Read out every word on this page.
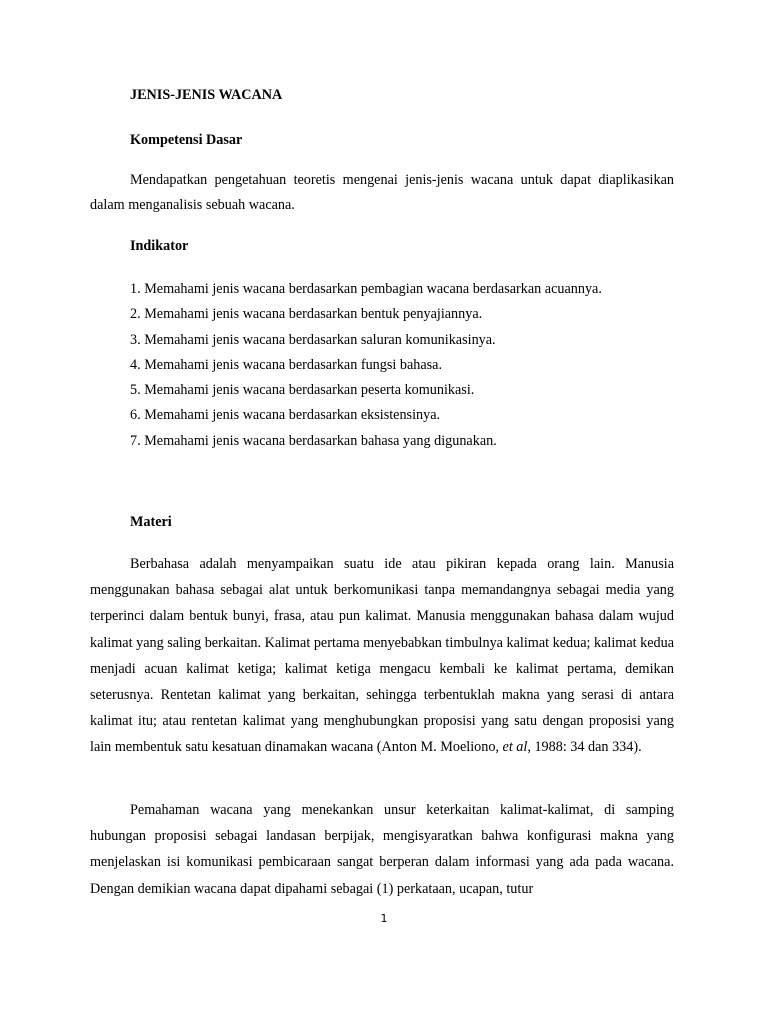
JENIS-JENIS WACANA
Kompetensi Dasar
Mendapatkan pengetahuan teoretis mengenai jenis-jenis wacana untuk dapat diaplikasikan dalam menganalisis sebuah wacana.
Indikator
1. Memahami jenis wacana berdasarkan pembagian wacana berdasarkan acuannya.
2. Memahami jenis wacana berdasarkan bentuk penyajiannya.
3. Memahami jenis wacana berdasarkan saluran komunikasinya.
4. Memahami jenis wacana berdasarkan fungsi bahasa.
5. Memahami jenis wacana berdasarkan peserta komunikasi.
6. Memahami jenis wacana berdasarkan eksistensinya.
7. Memahami jenis wacana berdasarkan bahasa yang digunakan.
Materi
Berbahasa adalah menyampaikan suatu ide atau pikiran kepada orang lain. Manusia menggunakan bahasa sebagai alat untuk berkomunikasi tanpa memandangnya sebagai media yang terperinci dalam bentuk bunyi, frasa, atau pun kalimat. Manusia menggunakan bahasa dalam wujud kalimat yang saling berkaitan. Kalimat pertama menyebabkan timbulnya kalimat kedua; kalimat kedua menjadi acuan kalimat ketiga; kalimat ketiga mengacu kembali ke kalimat pertama, demikan seterusnya. Rentetan kalimat yang berkaitan, sehingga terbentuklah makna yang serasi di antara kalimat itu; atau rentetan kalimat yang menghubungkan proposisi yang satu dengan proposisi yang lain membentuk satu kesatuan dinamakan wacana (Anton M. Moeliono, et al, 1988: 34 dan 334).
Pemahaman wacana yang menekankan unsur keterkaitan kalimat-kalimat, di samping hubungan proposisi sebagai landasan berpijak, mengisyaratkan bahwa konfigurasi makna yang menjelaskan isi komunikasi pembicaraan sangat berperan dalam informasi yang ada pada wacana. Dengan demikian wacana dapat dipahami sebagai (1) perkataan, ucapan, tutur
1
